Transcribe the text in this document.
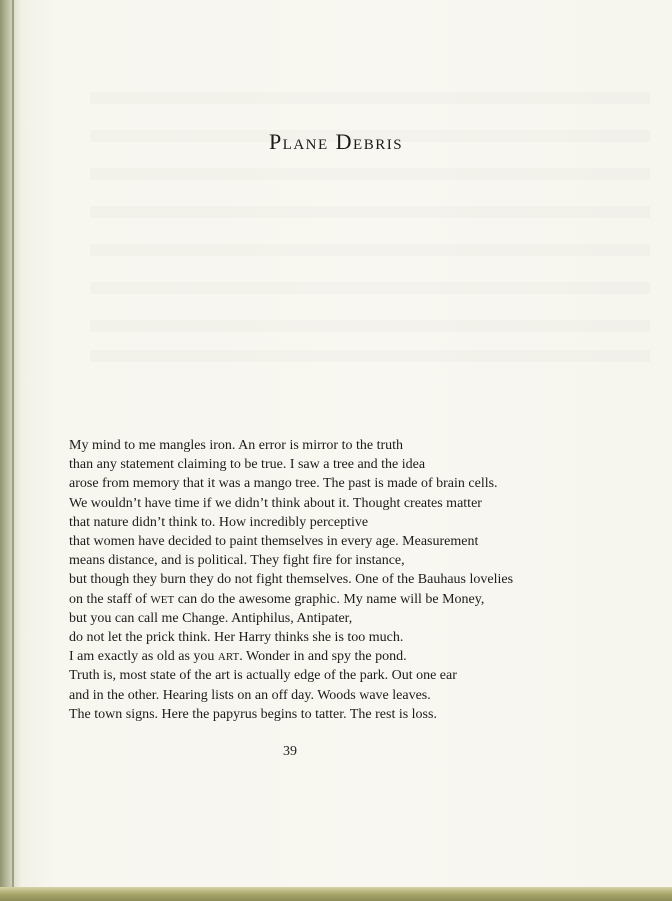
Plane Debris
My mind to me mangles iron. An error is mirror to the truth
than any statement claiming to be true. I saw a tree and the idea
arose from memory that it was a mango tree. The past is made of brain cells.
We wouldn’t have time if we didn’t think about it. Thought creates matter
that nature didn’t think to. How incredibly perceptive
that women have decided to paint themselves in every age. Measurement
means distance, and is political. They fight fire for instance,
but though they burn they do not fight themselves. One of the Bauhaus lovelies
on the staff of wet can do the awesome graphic. My name will be Money,
but you can call me Change. Antiphilus, Antipater,
do not let the prick think. Her Harry thinks she is too much.
I am exactly as old as you art. Wonder in and spy the pond.
Truth is, most state of the art is actually edge of the park. Out one ear
and in the other. Hearing lists on an off day. Woods wave leaves.
The town signs. Here the papyrus begins to tatter. The rest is loss.
39
